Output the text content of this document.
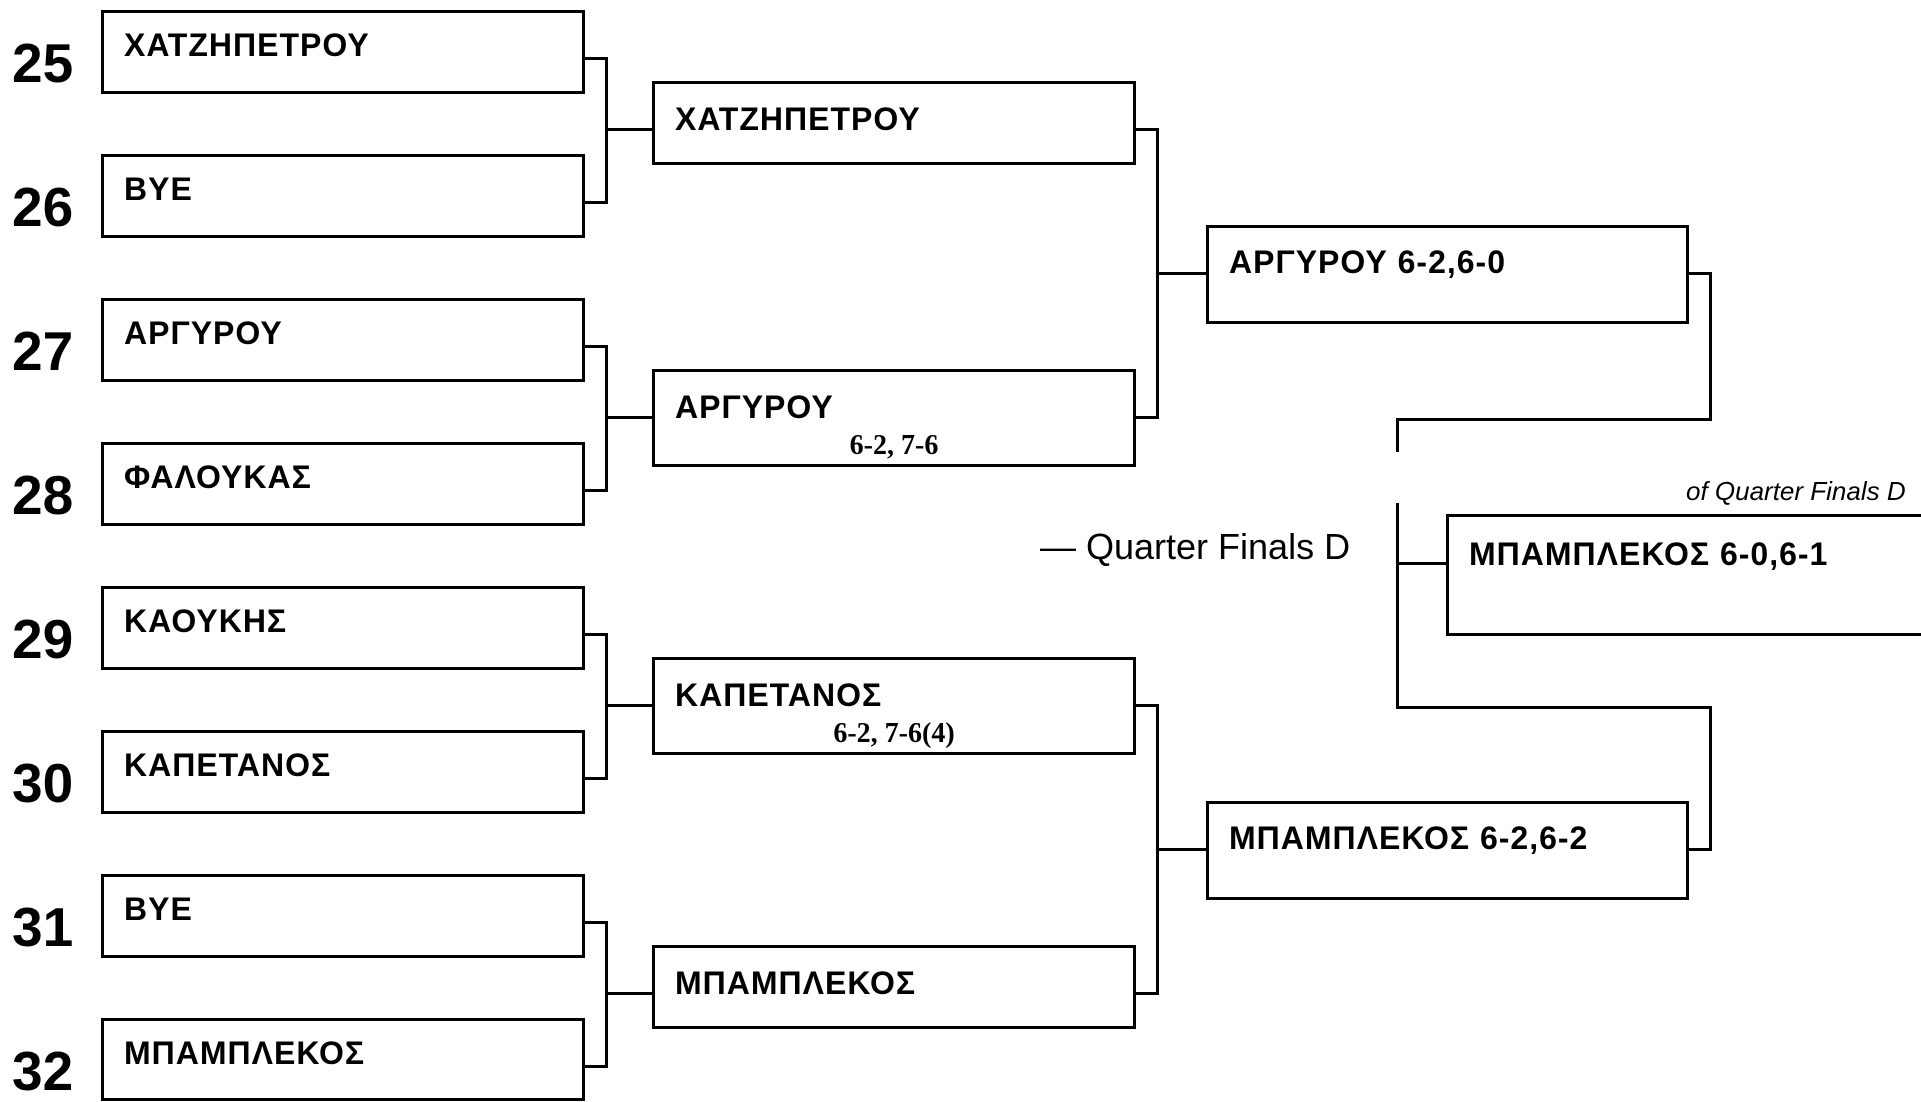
25
26
27
28
29
30
31
32
ΧΑΤΖΗΠΕΤΡΟΥ
BYE
ΑΡΓΥΡΟΥ
ΦΑΛΟΥΚΑΣ
ΚΑΟΥΚΗΣ
ΚΑΠΕΤΑΝΟΣ
BYE
ΜΠΑΜΠΛΕΚΟΣ
ΧΑΤΖΗΠΕΤΡΟΥ
ΑΡΓΥΡΟΥ
6-2, 7-6
ΚΑΠΕΤΑΝΟΣ
6-2, 7-6(4)
ΜΠΑΜΠΛΕΚΟΣ
ΑΡΓΥΡΟΥ 6-2,6-0
ΜΠΑΜΠΛΕΚΟΣ 6-2,6-2
— Quarter Finals D
of Quarter Finals D
ΜΠΑΜΠΛΕΚΟΣ 6-0,6-1
